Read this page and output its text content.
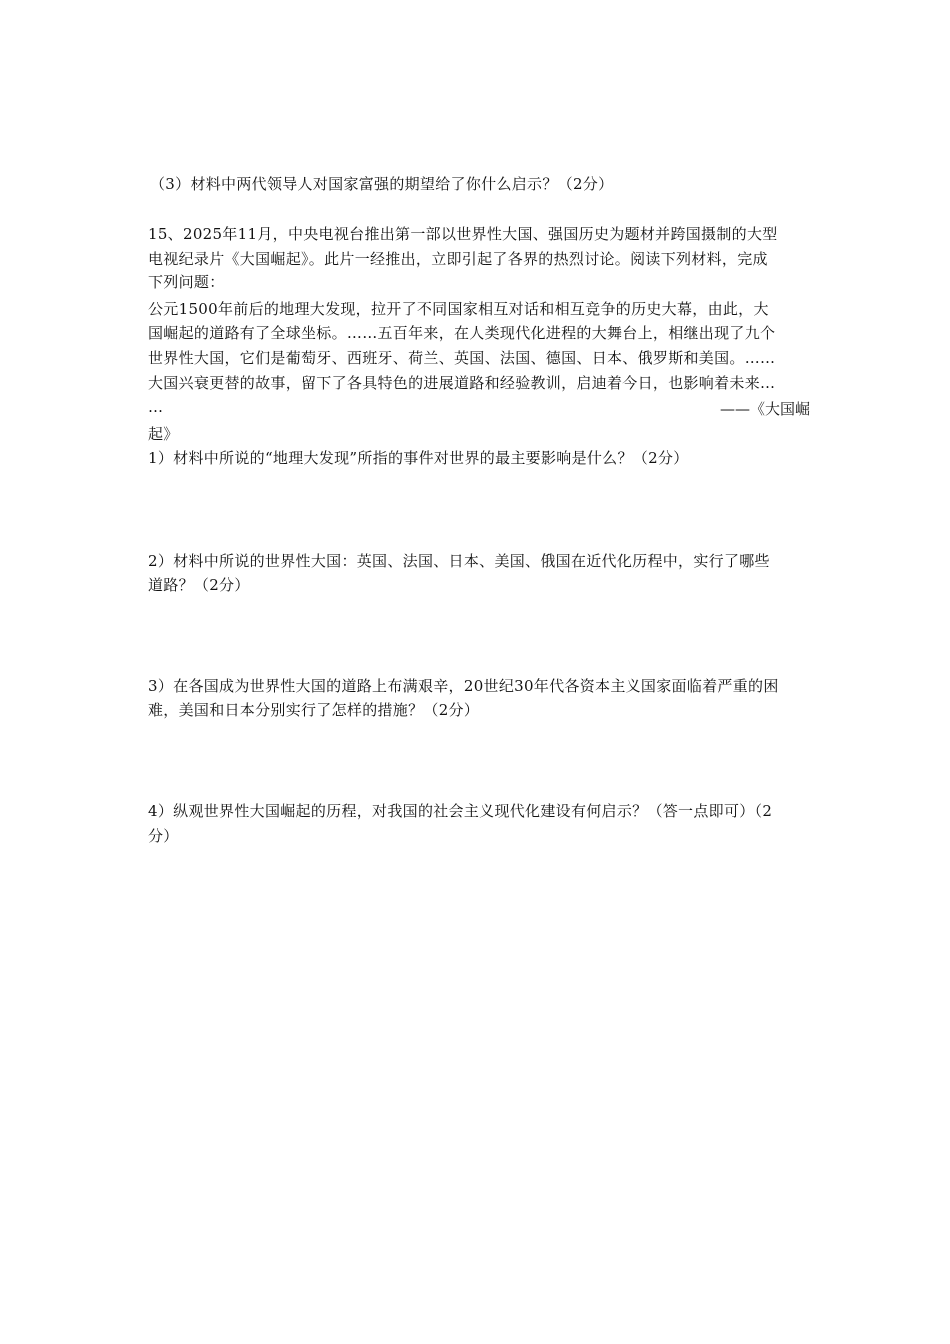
（3）材料中两代领导人对国家富强的期望给了你什么启示？（2分）
15、2025年11月，中央电视台推出第一部以世界性大国、强国历史为题材并跨国摄制的大型
电视纪录片《大国崛起》。此片一经推出，立即引起了各界的热烈讨论。阅读下列材料，完成
下列问题：
公元1500年前后的地理大发现，拉开了不同国家相互对话和相互竞争的历史大幕，由此，大
国崛起的道路有了全球坐标。……五百年来，在人类现代化进程的大舞台上，相继出现了九个
世界性大国，它们是葡萄牙、西班牙、荷兰、英国、法国、德国、日本、俄罗斯和美国。……
大国兴衰更替的故事，留下了各具特色的进展道路和经验教训，启迪着今日，也影响着未来…
…	——《大国崛
起》
1）材料中所说的“地理大发现”所指的事件对世界的最主要影响是什么？（2分）
2）材料中所说的世界性大国：英国、法国、日本、美国、俄国在近代化历程中，实行了哪些
道路？（2分）
3）在各国成为世界性大国的道路上布满艰辛，20世纪30年代各资本主义国家面临着严重的困
难，美国和日本分别实行了怎样的措施？（2分）
4）纵观世界性大国崛起的历程，对我国的社会主义现代化建设有何启示？（答一点即可）（2
分）
